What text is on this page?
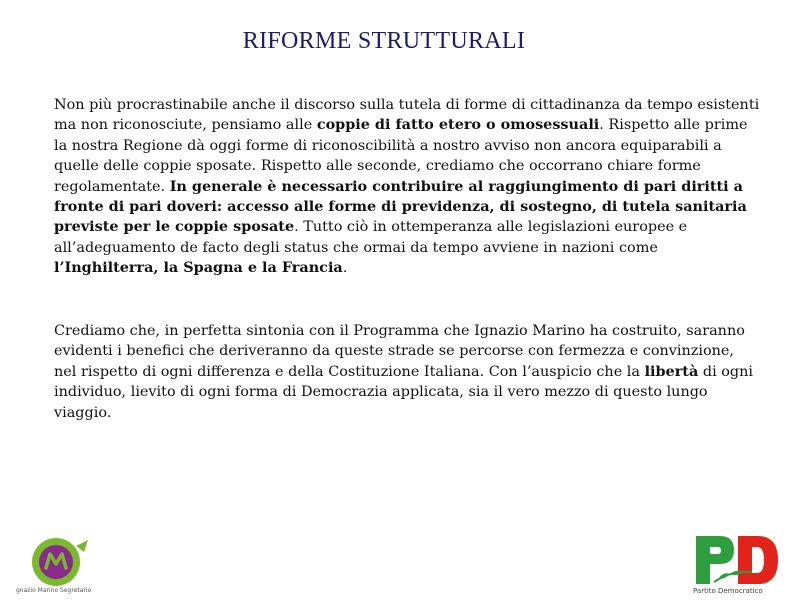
RIFORME STRUTTURALI

Non più procrastinabile anche il discorso sulla tutela di forme di cittadinanza da tempo esistenti ma non riconosciute, pensiamo alle coppie di fatto etero o omosessuali. Rispetto alle prime la nostra Regione dà oggi forme di riconoscibilità a nostro avviso non ancora equiparabili a quelle delle coppie sposate. Rispetto alle seconde, crediamo che occorrano chiare forme regolamentate. In generale è necessario contribuire al raggiungimento di pari diritti a fronte di pari doveri: accesso alle forme di previdenza, di sostegno, di tutela sanitaria previste per le coppie sposate. Tutto ciò in ottemperanza alle legislazioni europee e all’adeguamento de facto degli status che ormai da tempo avviene in nazioni come l’Inghilterra, la Spagna e la Francia.

Crediamo che, in perfetta sintonia con il Programma che Ignazio Marino ha costruito, saranno evidenti i benefici che deriveranno da queste strade se percorse con fermezza e convinzione, nel rispetto di ogni differenza e della Costituzione Italiana. Con l’auspicio che la libertà di ogni individuo, lievito di ogni forma di Democrazia applicata, sia il vero mezzo di questo lungo viaggio.

gnazio Marino Segretario	Partito Democratico
